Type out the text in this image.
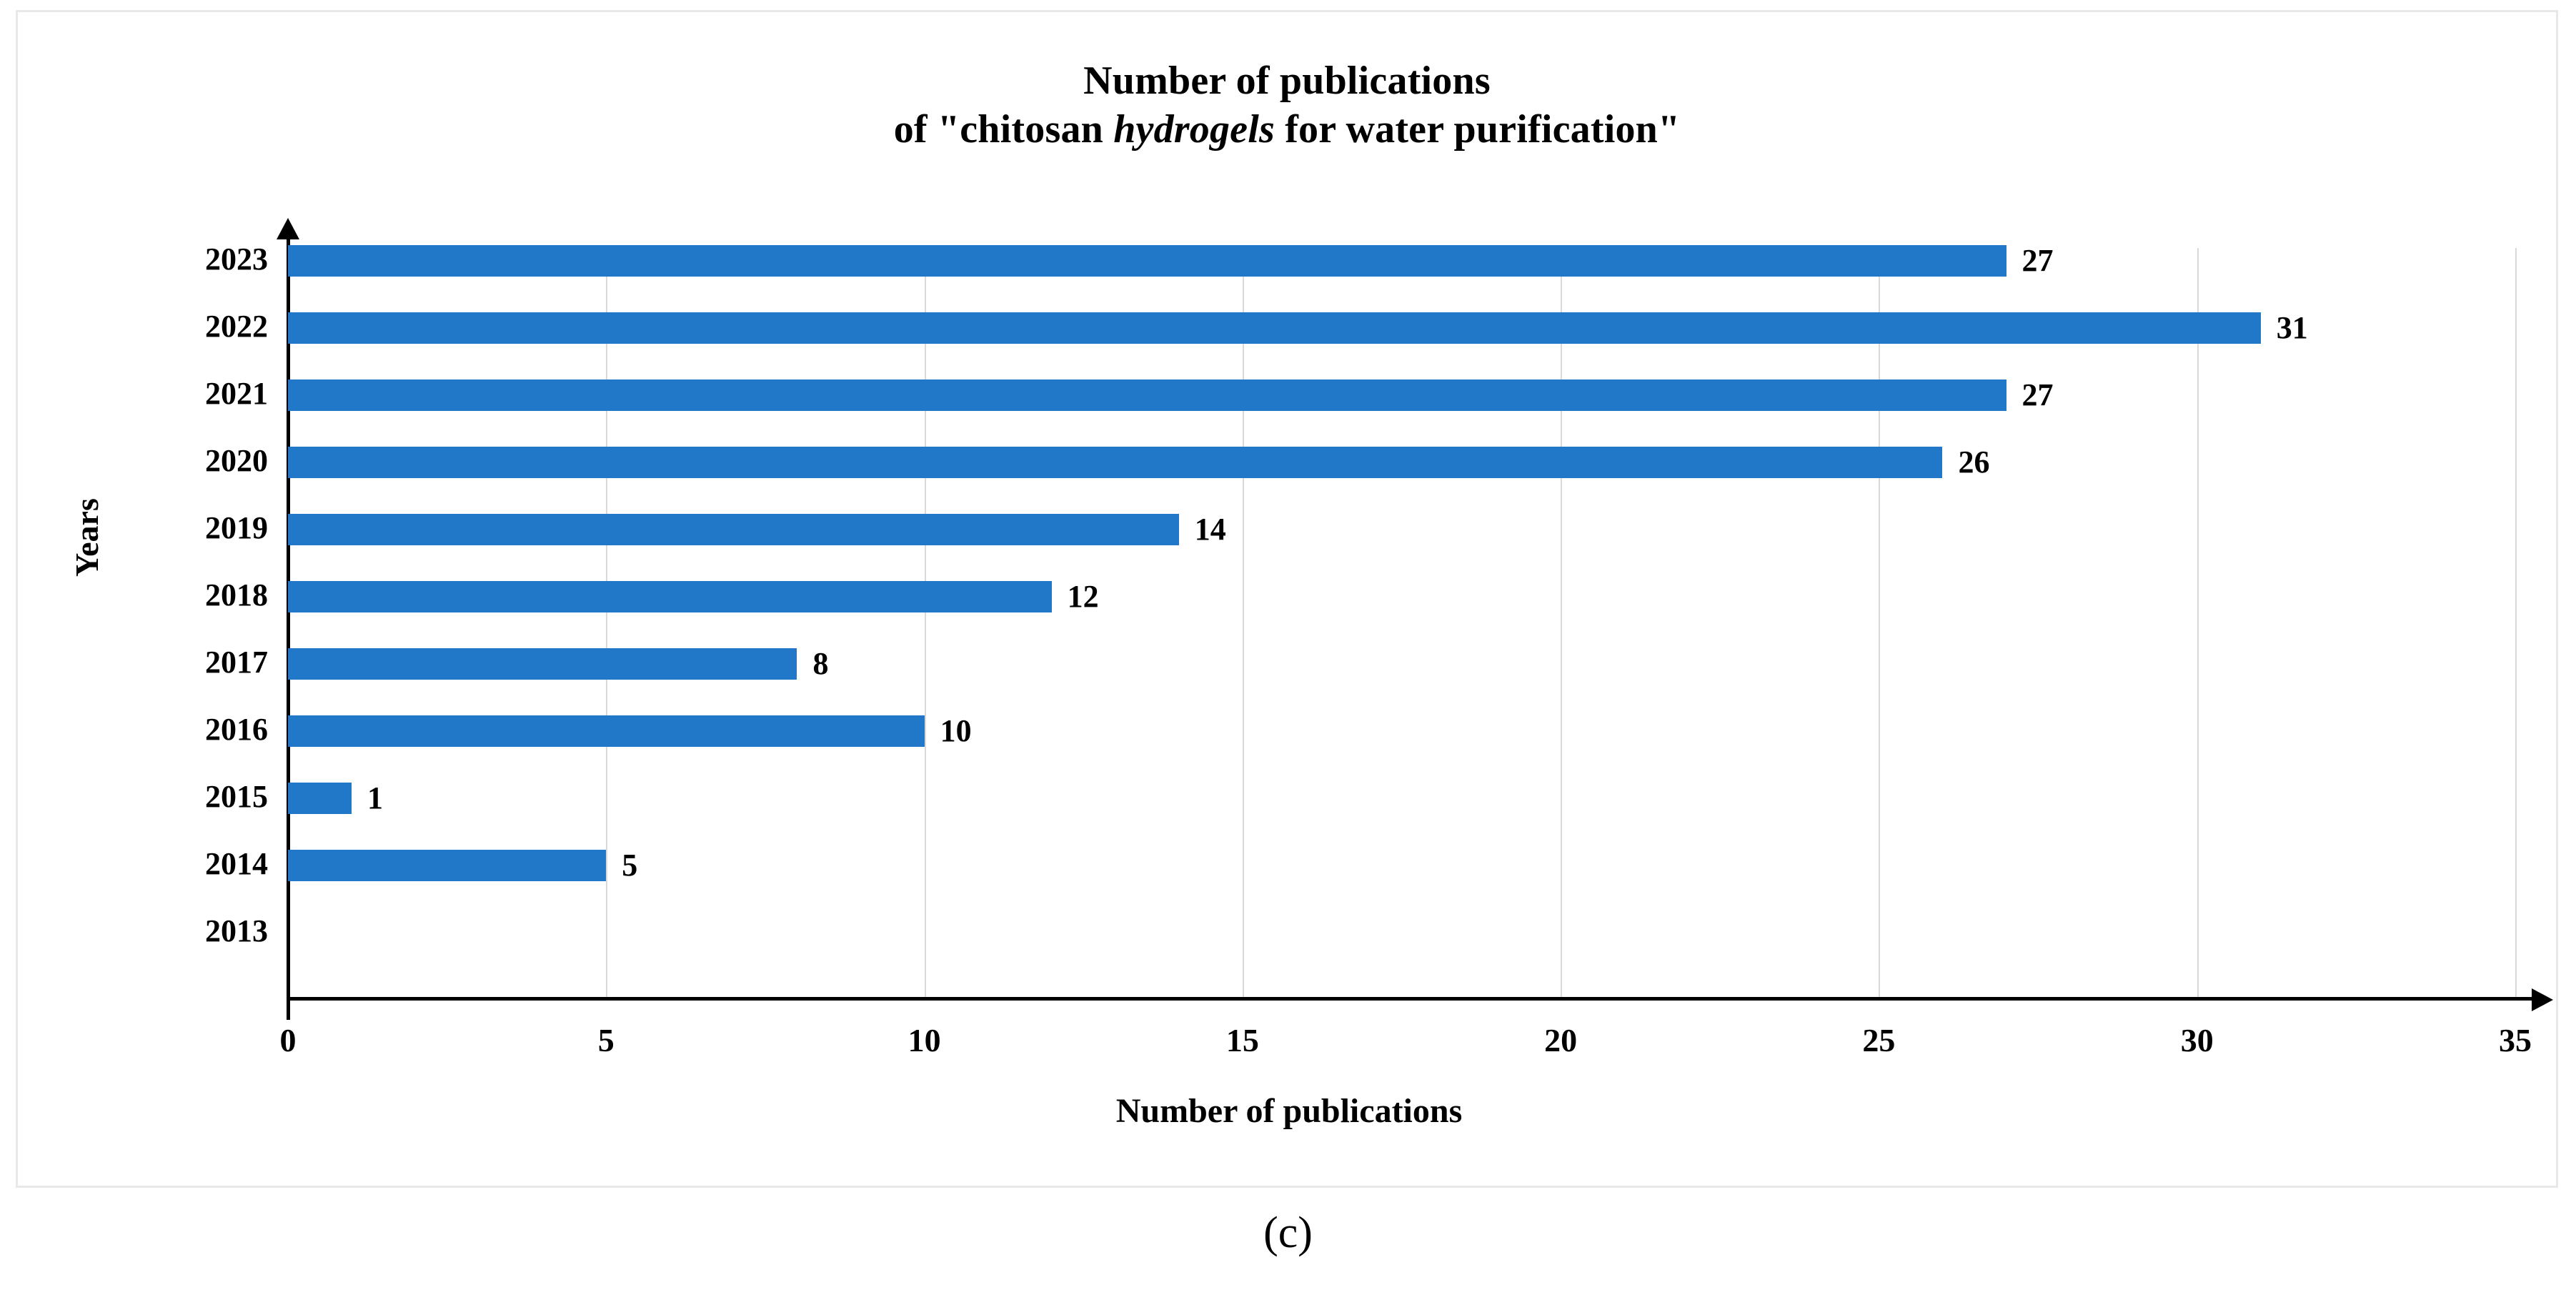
Number of publications
of "chitosan hydrogels for water purification"
2023	27
2022	31
2021	27
2020	26
2019	14
2018	12
2017	8
2016	10
2015	1
2014	5
2013
0	5	10	15	20	25	30	35
Years
Number of publications
(c)
